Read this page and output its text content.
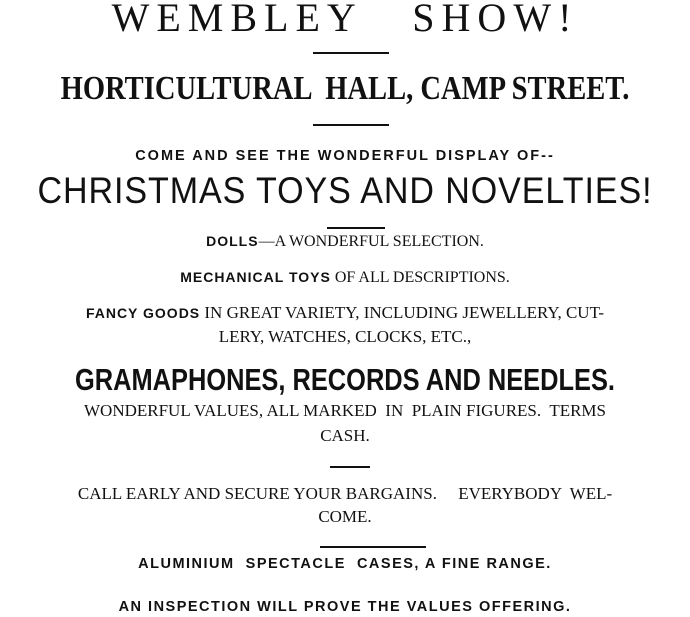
WEMBLEY   SHOW!
HORTICULTURAL  HALL, CAMP STREET.
COME AND SEE THE WONDERFUL DISPLAY OF--
CHRISTMAS TOYS AND NOVELTIES!
DOLLS—A WONDERFUL SELECTION.
MECHANICAL TOYS OF ALL DESCRIPTIONS.
FANCY GOODS IN GREAT VARIETY, INCLUDING JEWELLERY, CUT-
LERY, WATCHES, CLOCKS, ETC.,
GRAMAPHONES, RECORDS AND NEEDLES.
WONDERFUL VALUES, ALL MARKED  IN  PLAIN FIGURES.  TERMS
CASH.
CALL EARLY AND SECURE YOUR BARGAINS.     EVERYBODY  WEL-
COME.
ALUMINIUM  SPECTACLE  CASES, A FINE RANGE.
AN INSPECTION WILL PROVE THE VALUES OFFERING.
